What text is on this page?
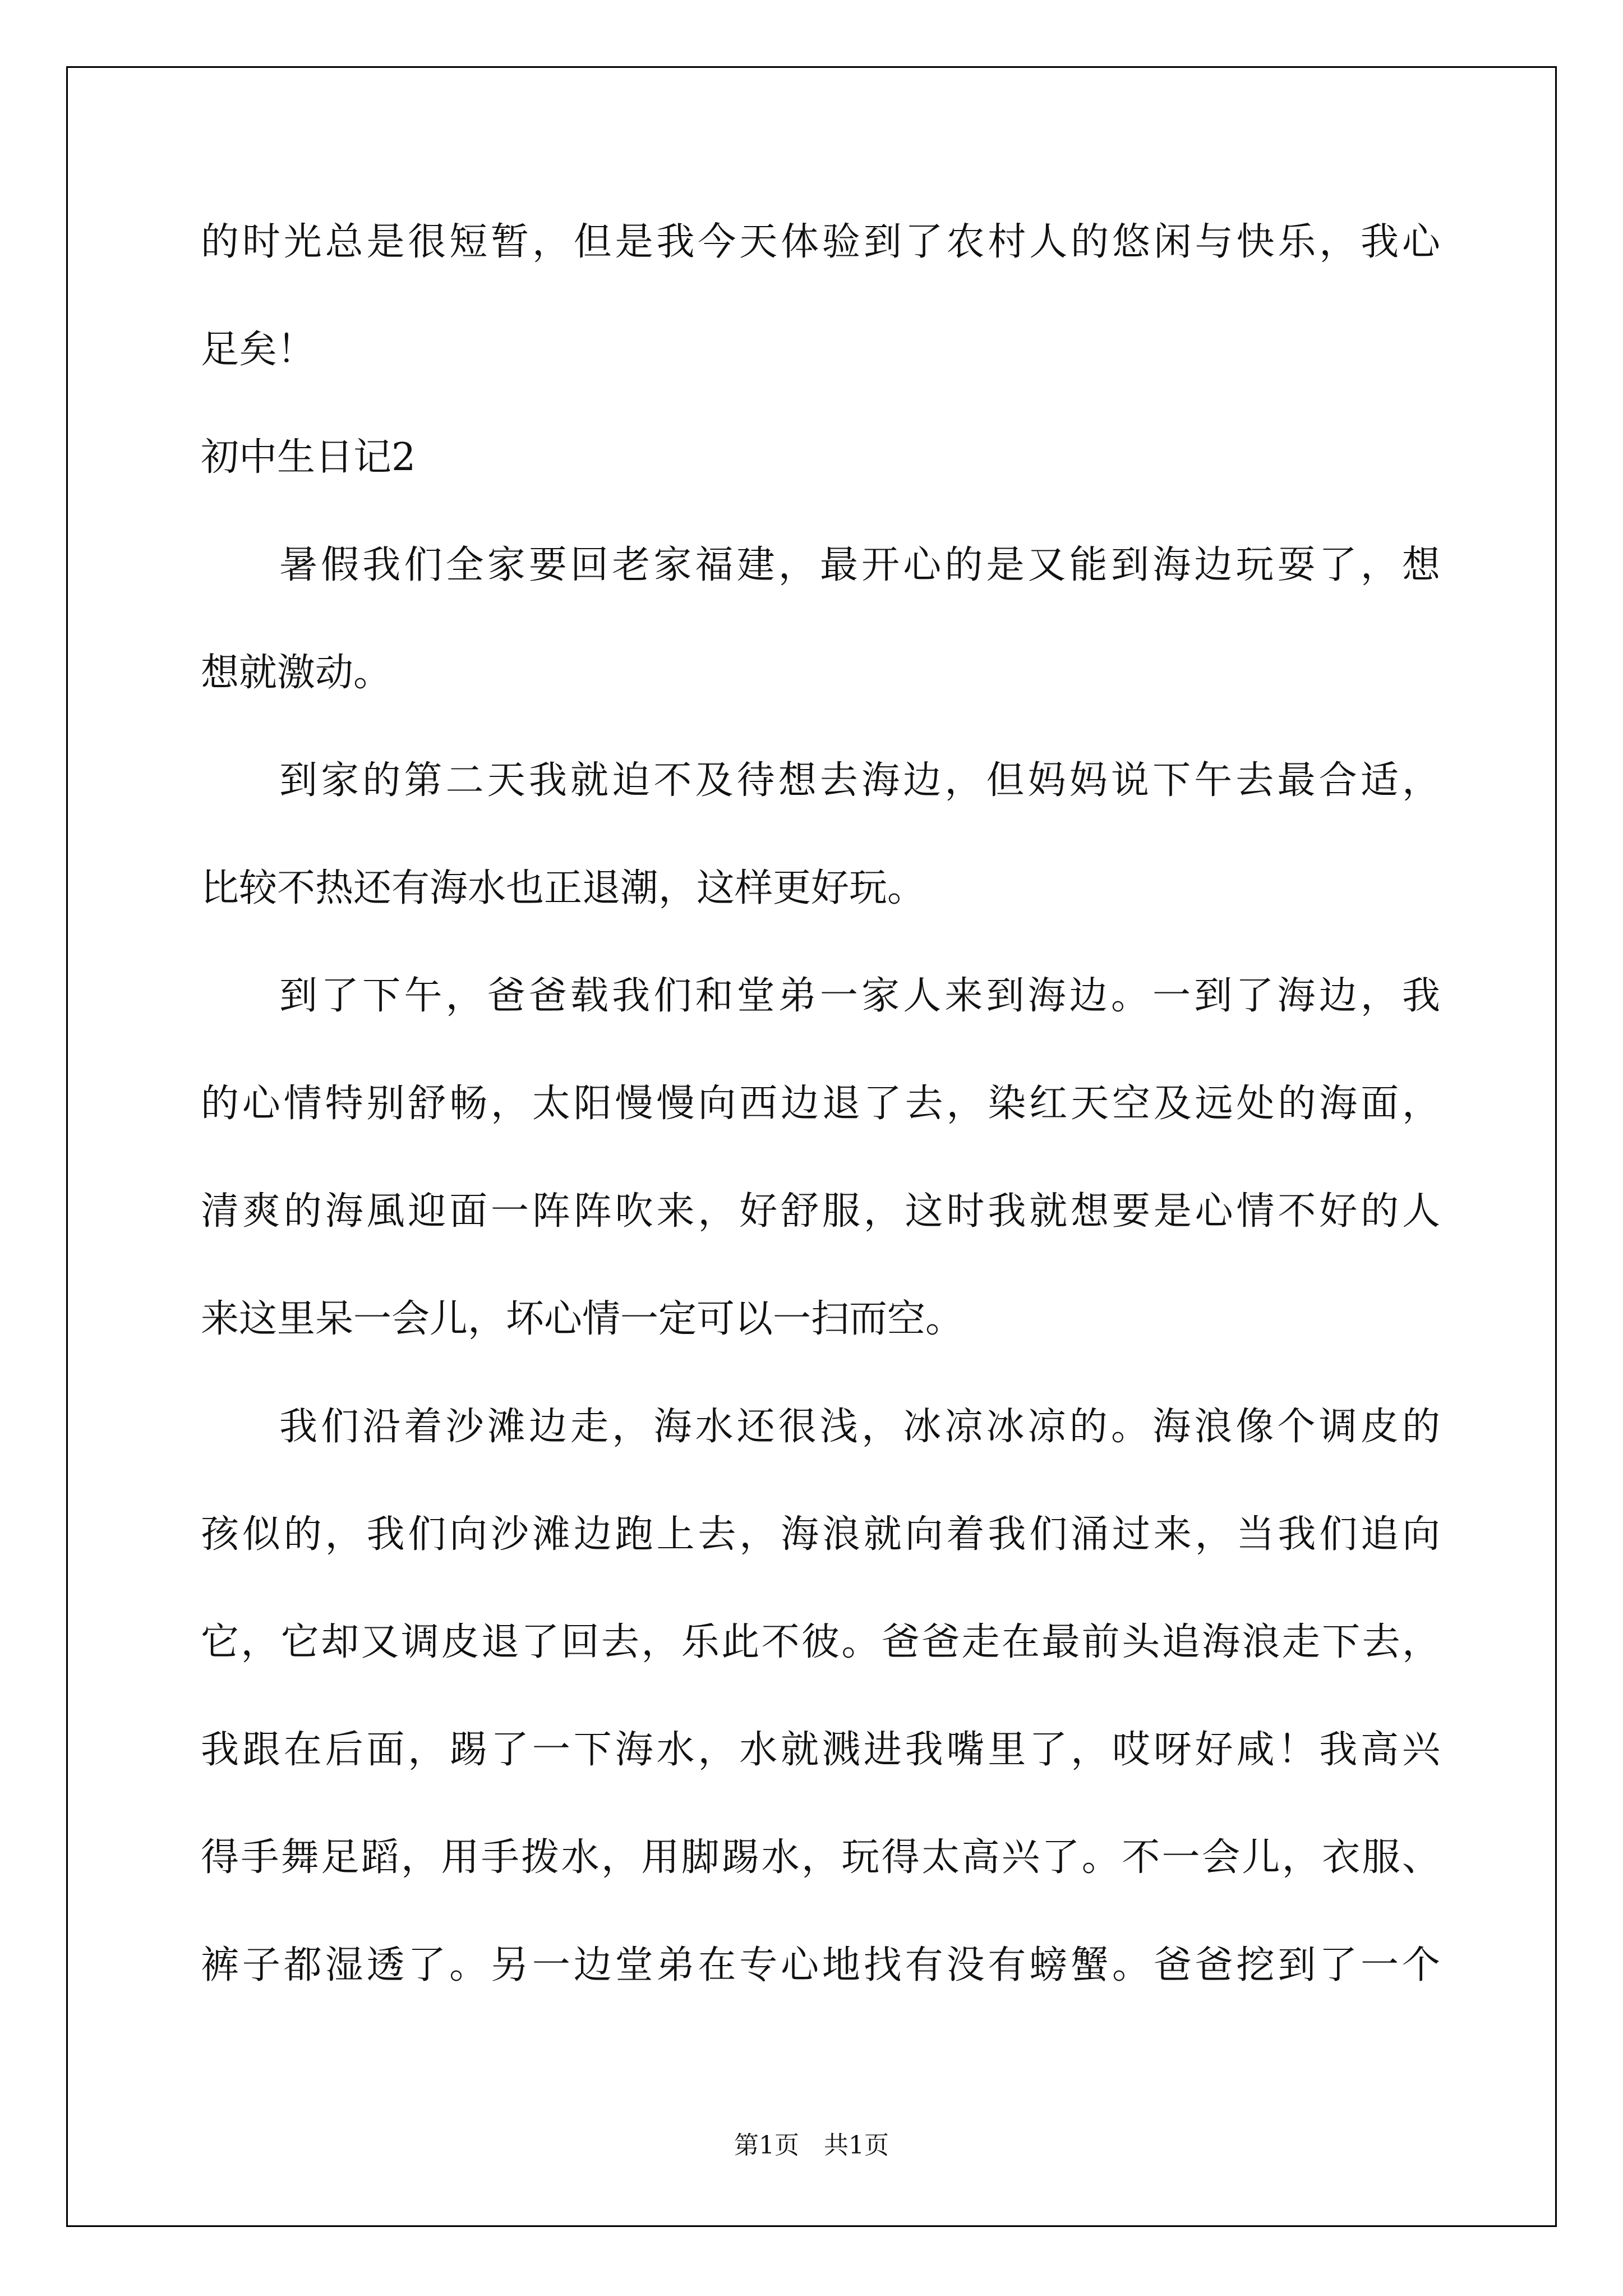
的时光总是很短暂，但是我今天体验到了农村人的悠闲与快乐，我心

足矣！

初中生日记2

暑假我们全家要回老家福建，最开心的是又能到海边玩耍了，想

想就激动。

到家的第二天我就迫不及待想去海边，但妈妈说下午去最合适，

比较不热还有海水也正退潮，这样更好玩。

到了下午，爸爸载我们和堂弟一家人来到海边。一到了海边，我

的心情特别舒畅，太阳慢慢向西边退了去，染红天空及远处的海面，

清爽的海風迎面一阵阵吹来，好舒服，这时我就想要是心情不好的人

来这里呆一会儿，坏心情一定可以一扫而空。

我们沿着沙滩边走，海水还很浅，冰凉冰凉的。海浪像个调皮的

孩似的，我们向沙滩边跑上去，海浪就向着我们涌过来，当我们追向

它，它却又调皮退了回去，乐此不彼。爸爸走在最前头追海浪走下去，

我跟在后面，踢了一下海水，水就溅进我嘴里了，哎呀好咸！我高兴

得手舞足蹈，用手拨水，用脚踢水，玩得太高兴了。不一会儿，衣服、

裤子都湿透了。另一边堂弟在专心地找有没有螃蟹。爸爸挖到了一个

第1页　共1页
